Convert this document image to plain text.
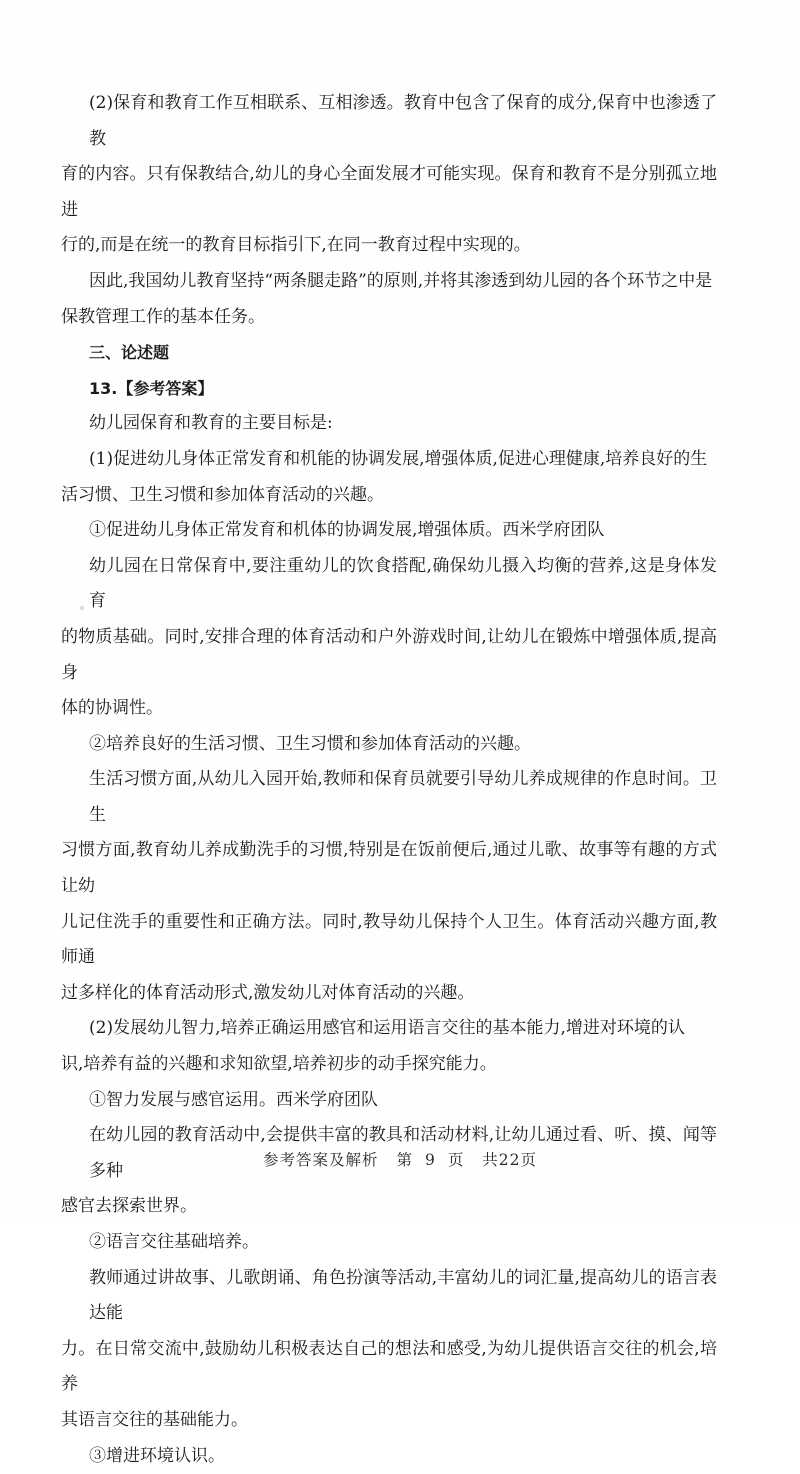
(2)保育和教育工作互相联系、互相渗透。教育中包含了保育的成分,保育中也渗透了教

育的内容。只有保教结合,幼儿的身心全面发展才可能实现。保育和教育不是分别孤立地进

行的,而是在统一的教育目标指引下,在同一教育过程中实现的。

因此,我国幼儿教育坚持“两条腿走路”的原则,并将其渗透到幼儿园的各个环节之中是

保教管理工作的基本任务。

三、论述题

13.【参考答案】

幼儿园保育和教育的主要目标是:

(1)促进幼儿身体正常发育和机能的协调发展,增强体质,促进心理健康,培养良好的生

活习惯、卫生习惯和参加体育活动的兴趣。

①促进幼儿身体正常发育和机体的协调发展,增强体质。西米学府团队

幼儿园在日常保育中,要注重幼儿的饮食搭配,确保幼儿摄入均衡的营养,这是身体发育

的物质基础。同时,安排合理的体育活动和户外游戏时间,让幼儿在锻炼中增强体质,提高身

体的协调性。

②培养良好的生活习惯、卫生习惯和参加体育活动的兴趣。

生活习惯方面,从幼儿入园开始,教师和保育员就要引导幼儿养成规律的作息时间。卫生

习惯方面,教育幼儿养成勤洗手的习惯,特别是在饭前便后,通过儿歌、故事等有趣的方式让幼

儿记住洗手的重要性和正确方法。同时,教导幼儿保持个人卫生。体育活动兴趣方面,教师通

过多样化的体育活动形式,激发幼儿对体育活动的兴趣。

(2)发展幼儿智力,培养正确运用感官和运用语言交往的基本能力,增进对环境的认

识,培养有益的兴趣和求知欲望,培养初步的动手探究能力。

①智力发展与感官运用。西米学府团队

在幼儿园的教育活动中,会提供丰富的教具和活动材料,让幼儿通过看、听、摸、闻等多种

感官去探索世界。

②语言交往基础培养。

教师通过讲故事、儿歌朗诵、角色扮演等活动,丰富幼儿的词汇量,提高幼儿的语言表达能

力。在日常交流中,鼓励幼儿积极表达自己的想法和感受,为幼儿提供语言交往的机会,培养

其语言交往的基础能力。

③增进环境认识。

参考答案及解析 第 9 页 共22页
